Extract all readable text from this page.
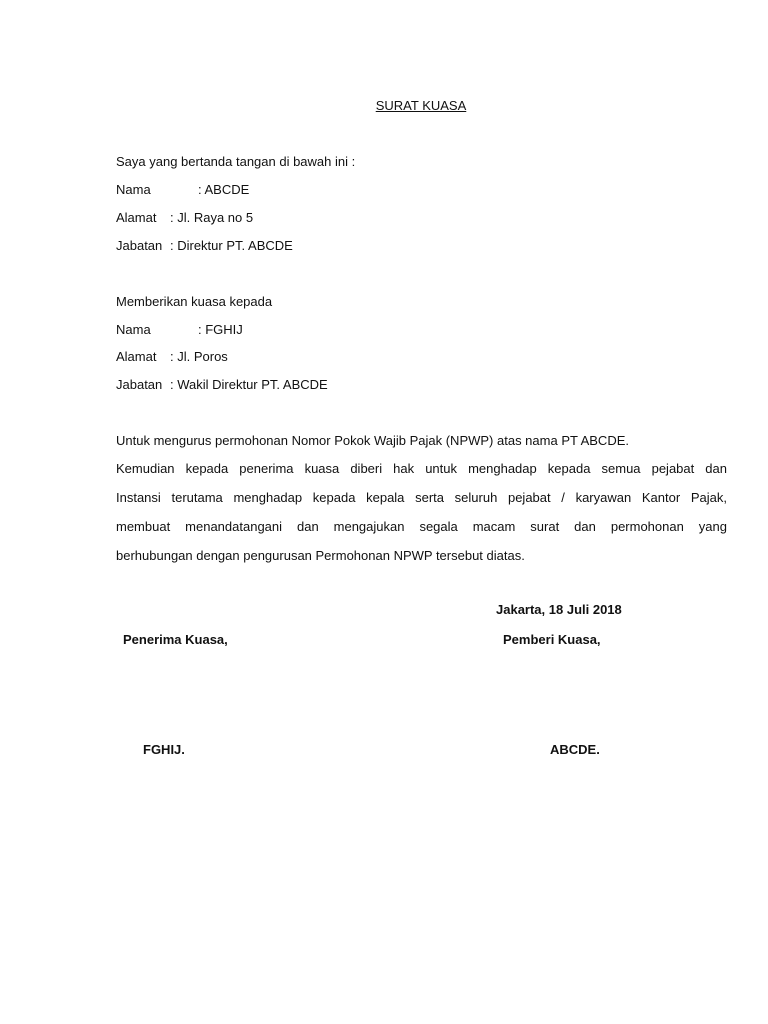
SURAT KUASA
Saya yang bertanda tangan di bawah ini :
Nama	: ABCDE
Alamat : Jl. Raya no 5
Jabatan : Direktur PT. ABCDE
Memberikan kuasa kepada
Nama	: FGHIJ
Alamat : Jl. Poros
Jabatan : Wakil Direktur PT. ABCDE
Untuk mengurus permohonan Nomor Pokok Wajib Pajak (NPWP) atas nama PT ABCDE.
Kemudian kepada penerima kuasa diberi hak untuk menghadap kepada semua pejabat dan
Instansi terutama menghadap kepada kepala serta seluruh pejabat / karyawan Kantor Pajak,
membuat menandatangani dan mengajukan segala macam surat dan permohonan yang
berhubungan dengan pengurusan Permohonan NPWP tersebut diatas.
Jakarta, 18 Juli 2018
Penerima Kuasa,	Pemberi Kuasa,
FGHIJ.	ABCDE.
